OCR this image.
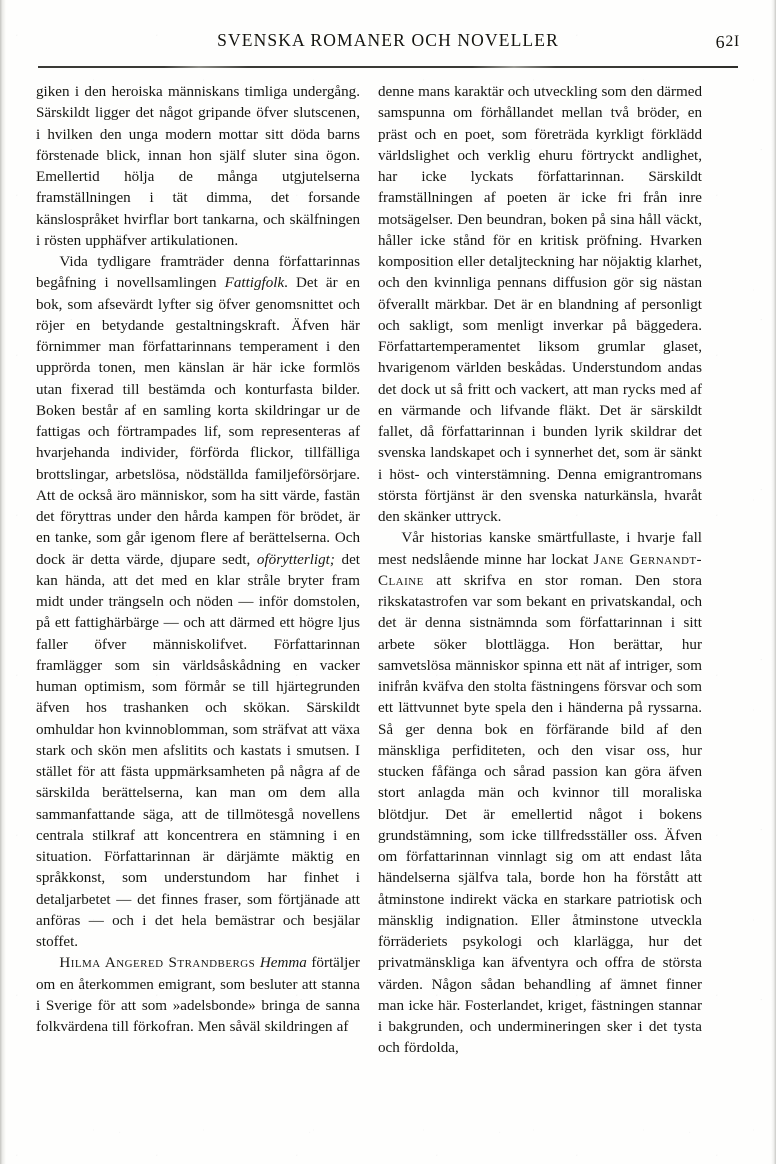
SVENSKA ROMANER OCH NOVELLER	62I

giken i den heroiska människans timliga undergång. Särskildt ligger det något gripande öfver slutscenen, i hvilken den unga modern mottar sitt döda barns förstenade blick, innan hon själf sluter sina ögon. Emellertid hölja de många utgjutelserna framställningen i tät dimma, det forsande känslospråket hvirflar bort tankarna, och skälfningen i rösten upphäfver artikulationen.

Vida tydligare framträder denna författarinnas begåfning i novellsamlingen Fattigfolk. Det är en bok, som afsevärdt lyfter sig öfver genomsnittet och röjer en betydande gestaltningskraft. Äfven här förnimmer man författarinnans temperament i den upprörda tonen, men känslan är här icke formlös utan fixerad till bestämda och konturfasta bilder. Boken består af en samling korta skildringar ur de fattigas och förtrampades lif, som representeras af hvarjehanda individer, förförda flickor, tillfälliga brottslingar, arbetslösa, nödställda familjeförsörjare. Att de också äro människor, som ha sitt värde, fastän det föryttras under den hårda kampen för brödet, är en tanke, som går igenom flere af berättelserna. Och dock är detta värde, djupare sedt, oförytterligt; det kan hända, att det med en klar stråle bryter fram midt under trängseln och nöden — inför domstolen, på ett fattighärbärge — och att därmed ett högre ljus faller öfver människolifvet. Författarinnan framlägger som sin världsåskådning en vacker human optimism, som förmår se till hjärtegrunden äfven hos trashanken och skökan. Särskildt omhuldar hon kvinnoblomman, som sträfvat att växa stark och skön men afslitits och kastats i smutsen. I stället för att fästa uppmärksamheten på några af de särskilda berättelserna, kan man om dem alla sammanfattande säga, att de tillmötesgå novellens centrala stilkraf att koncentrera en stämning i en situation. Författarinnan är därjämte mäktig en språkkonst, som understundom har finhet i detaljarbetet — det finnes fraser, som förtjänade att anföras — och i det hela bemästrar och besjälar stoffet.

Hilma Angered Strandbergs Hemma förtäljer om en återkommen emigrant, som besluter att stanna i Sverige för att som »adelsbonde» bringa de sanna folkvärdena till förkofran. Men såväl skildringen af

denne mans karaktär och utveckling som den därmed samspunna om förhållandet mellan två bröder, en präst och en poet, som företräda kyrkligt förklädd världslighet och verklig ehuru förtryckt andlighet, har icke lyckats författarinnan. Särskildt framställningen af poeten är icke fri från inre motsägelser. Den beundran, boken på sina håll väckt, håller icke stånd för en kritisk pröfning. Hvarken komposition eller detaljteckning har nöjaktig klarhet, och den kvinnliga pennans diffusion gör sig nästan öfverallt märkbar. Det är en blandning af personligt och sakligt, som menligt inverkar på bäggedera. Författartemperamentet liksom grumlar glaset, hvarigenom världen beskådas. Understundom andas det dock ut så fritt och vackert, att man rycks med af en värmande och lifvande fläkt. Det är särskildt fallet, då författarinnan i bunden lyrik skildrar det svenska landskapet och i synnerhet det, som är sänkt i höst- och vinterstämning. Denna emigrantromans största förtjänst är den svenska naturkänsla, hvaråt den skänker uttryck.

Vår historias kanske smärtfullaste, i hvarje fall mest nedslående minne har lockat Jane Gernandt-Claine att skrifva en stor roman. Den stora rikskatastrofen var som bekant en privatskandal, och det är denna sistnämnda som författarinnan i sitt arbete söker blottlägga. Hon berättar, hur samvetslösa människor spinna ett nät af intriger, som inifrån kväfva den stolta fästningens försvar och som ett lättvunnet byte spela den i händerna på ryssarna. Så ger denna bok en förfärande bild af den mänskliga perfiditeten, och den visar oss, hur stucken fåfänga och sårad passion kan göra äfven stort anlagda män och kvinnor till moraliska blötdjur. Det är emellertid något i bokens grundstämning, som icke tillfredsställer oss. Äfven om författarinnan vinnlagt sig om att endast låta händelserna själfva tala, borde hon ha förstått att åtminstone indirekt väcka en starkare patriotisk och mänsklig indignation. Eller åtminstone utveckla förräderiets psykologi och klarlägga, hur det privatmänskliga kan äfventyra och offra de största värden. Någon sådan behandling af ämnet finner man icke här. Fosterlandet, kriget, fästningen stannar i bakgrunden, och undermineringen sker i det tysta och fördolda,
